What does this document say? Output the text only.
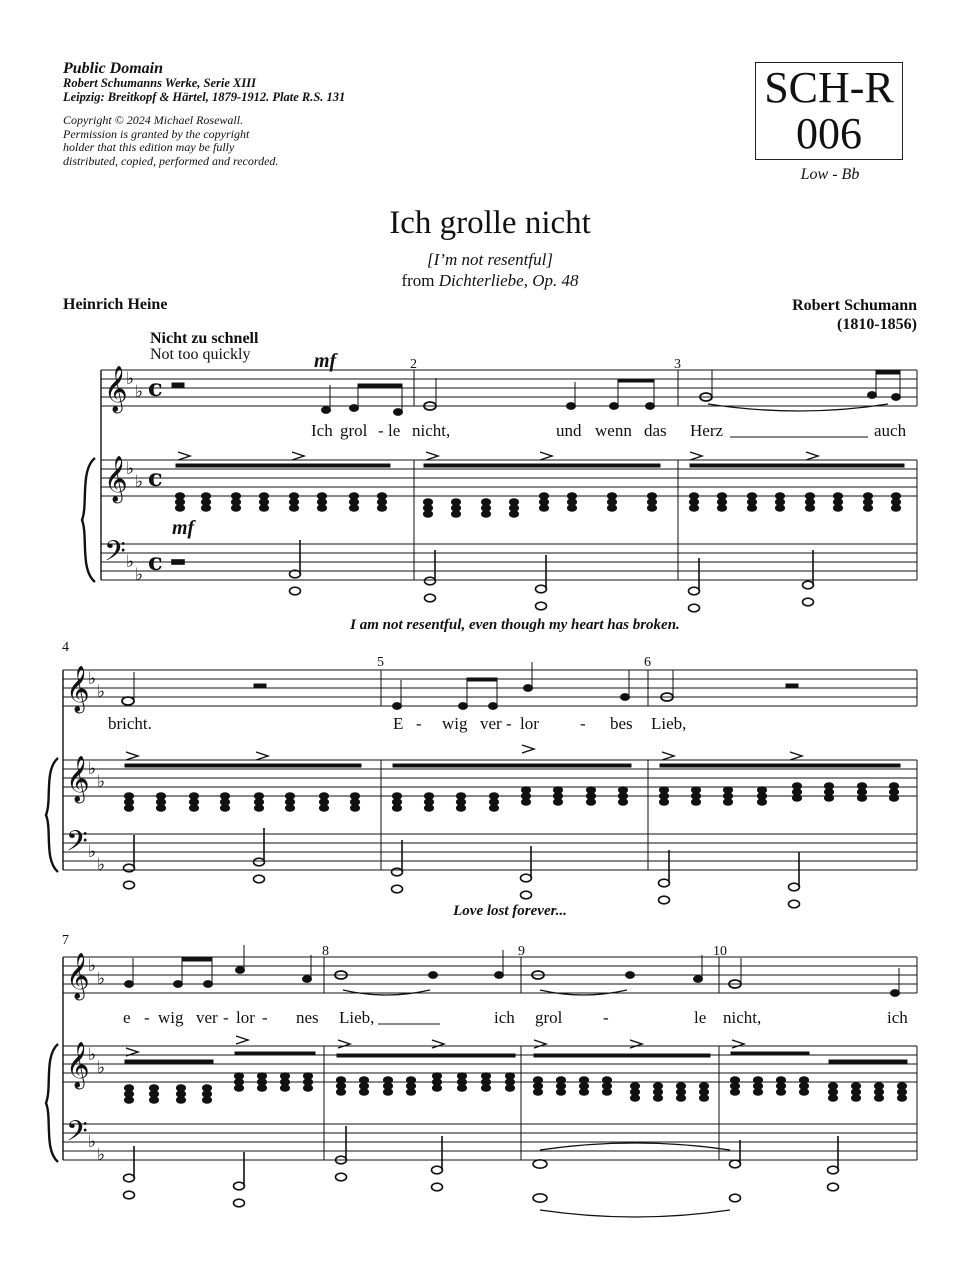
Public Domain
Robert Schumanns Werke, Serie XIII
Leipzig: Breitkopf & Härtel, 1879-1912. Plate R.S. 131
Copyright © 2024 Michael Rosewall.
Permission is granted by the copyright
holder that this edition may be fully
distributed, copied, performed and recorded.
SCH-R
006
Low - Bb
Ich grolle nicht
[I’m not resentful]
from Dichterliebe, Op. 48
Heinrich Heine	Robert Schumann
(1810-1856)
Nicht zu schnell
Not too quickly
I am not resentful, even though my heart has broken.
Love lost forever...
𝄞
𝄞
𝄢
♭
♭
♭
♭
♭
♭
c
c
c
mf
mf
2	3
Ich grol - le nicht,	und wenn das Herz	auch
𝄞
𝄞
𝄢
♭
♭
♭
♭
♭
♭
4
5	6
bricht.	E - wig ver - lor - bes Lieb,
𝄞
𝄞
𝄢
♭
♭
♭
♭
♭
♭
7
8	9	10
e - wig ver - lor - nes Lieb,	ich grol -	le nicht,	ich
